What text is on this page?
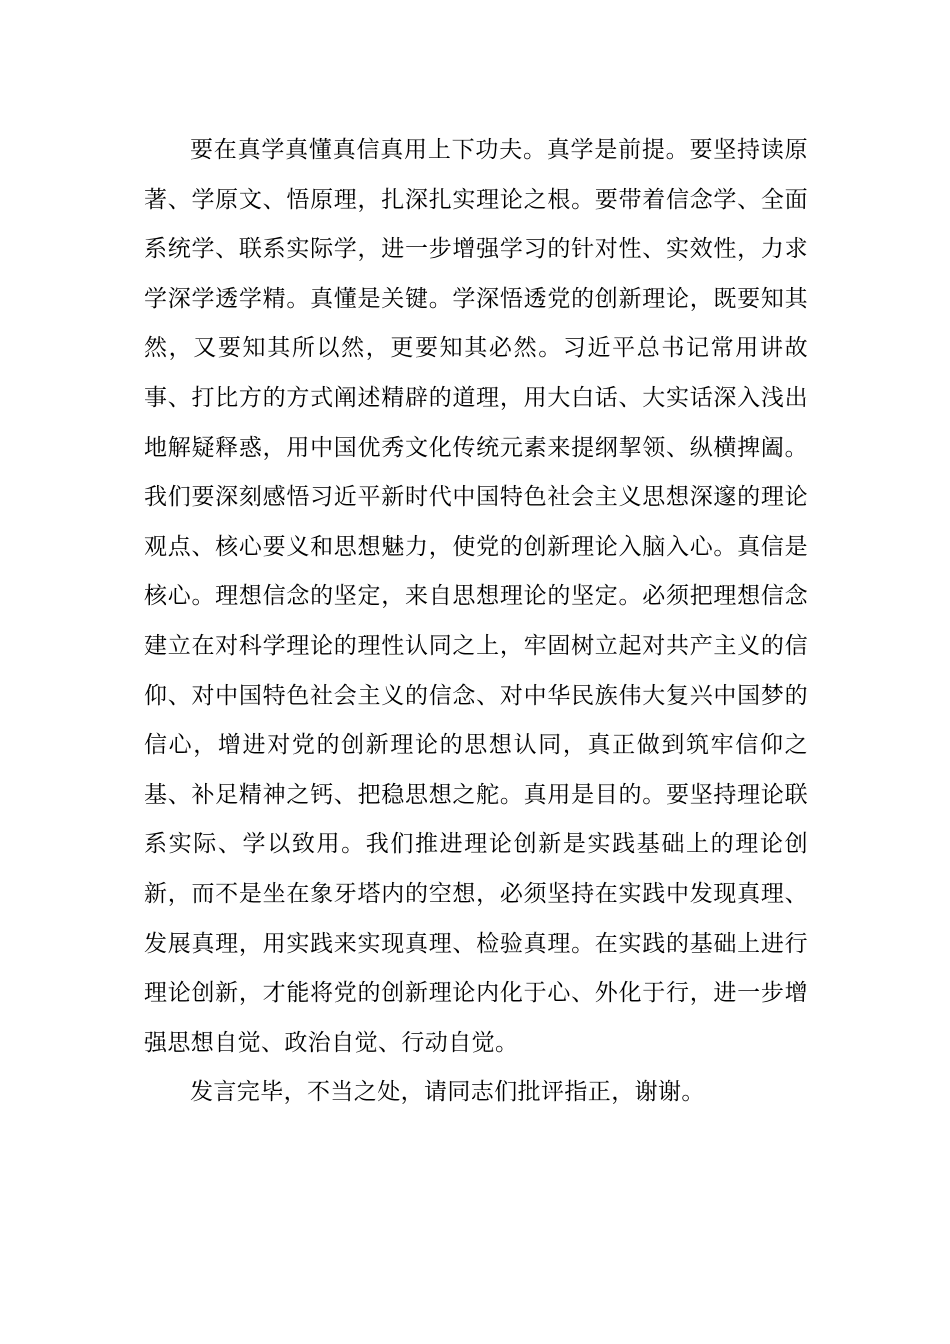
要在真学真懂真信真用上下功夫。真学是前提。要坚持读原著、学原文、悟原理，扎深扎实理论之根。要带着信念学、全面系统学、联系实际学，进一步增强学习的针对性、实效性，力求学深学透学精。真懂是关键。学深悟透党的创新理论，既要知其然，又要知其所以然，更要知其必然。习近平总书记常用讲故事、打比方的方式阐述精辟的道理，用大白话、大实话深入浅出地解疑释惑，用中国优秀文化传统元素来提纲挈领、纵横捭阖。我们要深刻感悟习近平新时代中国特色社会主义思想深邃的理论观点、核心要义和思想魅力，使党的创新理论入脑入心。真信是核心。理想信念的坚定，来自思想理论的坚定。必须把理想信念建立在对科学理论的理性认同之上，牢固树立起对共产主义的信仰、对中国特色社会主义的信念、对中华民族伟大复兴中国梦的信心，增进对党的创新理论的思想认同，真正做到筑牢信仰之基、补足精神之钙、把稳思想之舵。真用是目的。要坚持理论联系实际、学以致用。我们推进理论创新是实践基础上的理论创新，而不是坐在象牙塔内的空想，必须坚持在实践中发现真理、发展真理，用实践来实现真理、检验真理。在实践的基础上进行理论创新，才能将党的创新理论内化于心、外化于行，进一步增强思想自觉、政治自觉、行动自觉。

发言完毕，不当之处，请同志们批评指正，谢谢。
